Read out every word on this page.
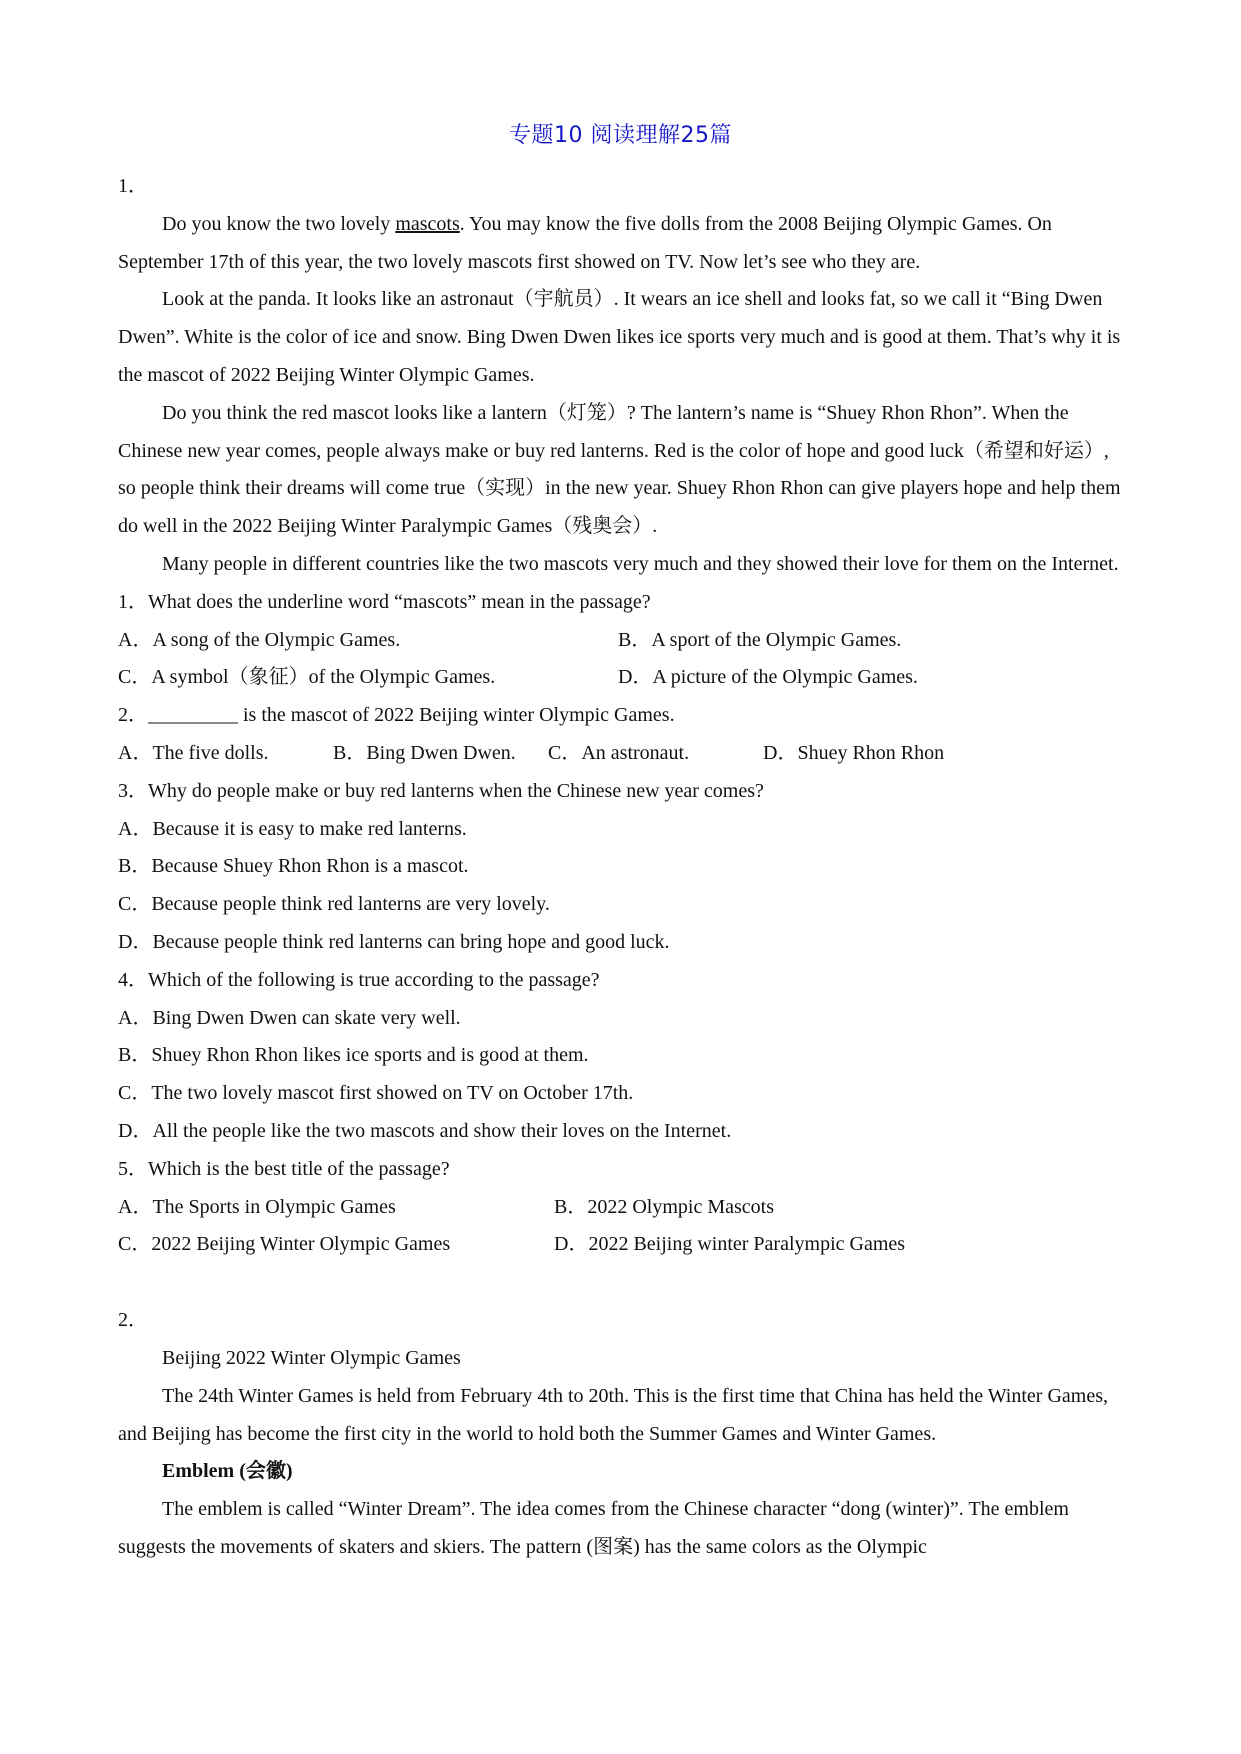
专题10 阅读理解25篇

1．

Do you know the two lovely mascots. You may know the five dolls from the 2008 Beijing Olympic Games. On September 17th of this year, the two lovely mascots first showed on TV. Now let’s see who they are.

Look at the panda. It looks like an astronaut（宇航员）. It wears an ice shell and looks fat, so we call it “Bing Dwen Dwen”. White is the color of ice and snow. Bing Dwen Dwen likes ice sports very much and is good at them. That’s why it is the mascot of 2022 Beijing Winter Olympic Games.

Do you think the red mascot looks like a lantern（灯笼）? The lantern’s name is “Shuey Rhon Rhon”. When the Chinese new year comes, people always make or buy red lanterns. Red is the color of hope and good luck（希望和好运）, so people think their dreams will come true（实现）in the new year. Shuey Rhon Rhon can give players hope and help them do well in the 2022 Beijing Winter Paralympic Games（残奥会）.

Many people in different countries like the two mascots very much and they showed their love for them on the Internet.

1．What does the underline word “mascots” mean in the passage?

A．A song of the Olympic Games.	B．A sport of the Olympic Games.
C．A symbol（象征）of the Olympic Games.	D．A picture of the Olympic Games.

2．_________ is the mascot of 2022 Beijing winter Olympic Games.

A．The five dolls.	B．Bing Dwen Dwen.	C．An astronaut.	D．Shuey Rhon Rhon

3．Why do people make or buy red lanterns when the Chinese new year comes?

A．Because it is easy to make red lanterns.

B．Because Shuey Rhon Rhon is a mascot.

C．Because people think red lanterns are very lovely.

D．Because people think red lanterns can bring hope and good luck.

4．Which of the following is true according to the passage?

A．Bing Dwen Dwen can skate very well.

B．Shuey Rhon Rhon likes ice sports and is good at them.

C．The two lovely mascot first showed on TV on October 17th.

D．All the people like the two mascots and show their loves on the Internet.

5．Which is the best title of the passage?

A．The Sports in Olympic Games	B．2022 Olympic Mascots
C．2022 Beijing Winter Olympic Games	D．2022 Beijing winter Paralympic Games

2．

Beijing 2022 Winter Olympic Games

The 24th Winter Games is held from February 4th to 20th. This is the first time that China has held the Winter Games, and Beijing has become the first city in the world to hold both the Summer Games and Winter Games.

Emblem (会徽)

The emblem is called “Winter Dream”. The idea comes from the Chinese character “dong (winter)”. The emblem suggests the movements of skaters and skiers. The pattern (图案) has the same colors as the Olympic
